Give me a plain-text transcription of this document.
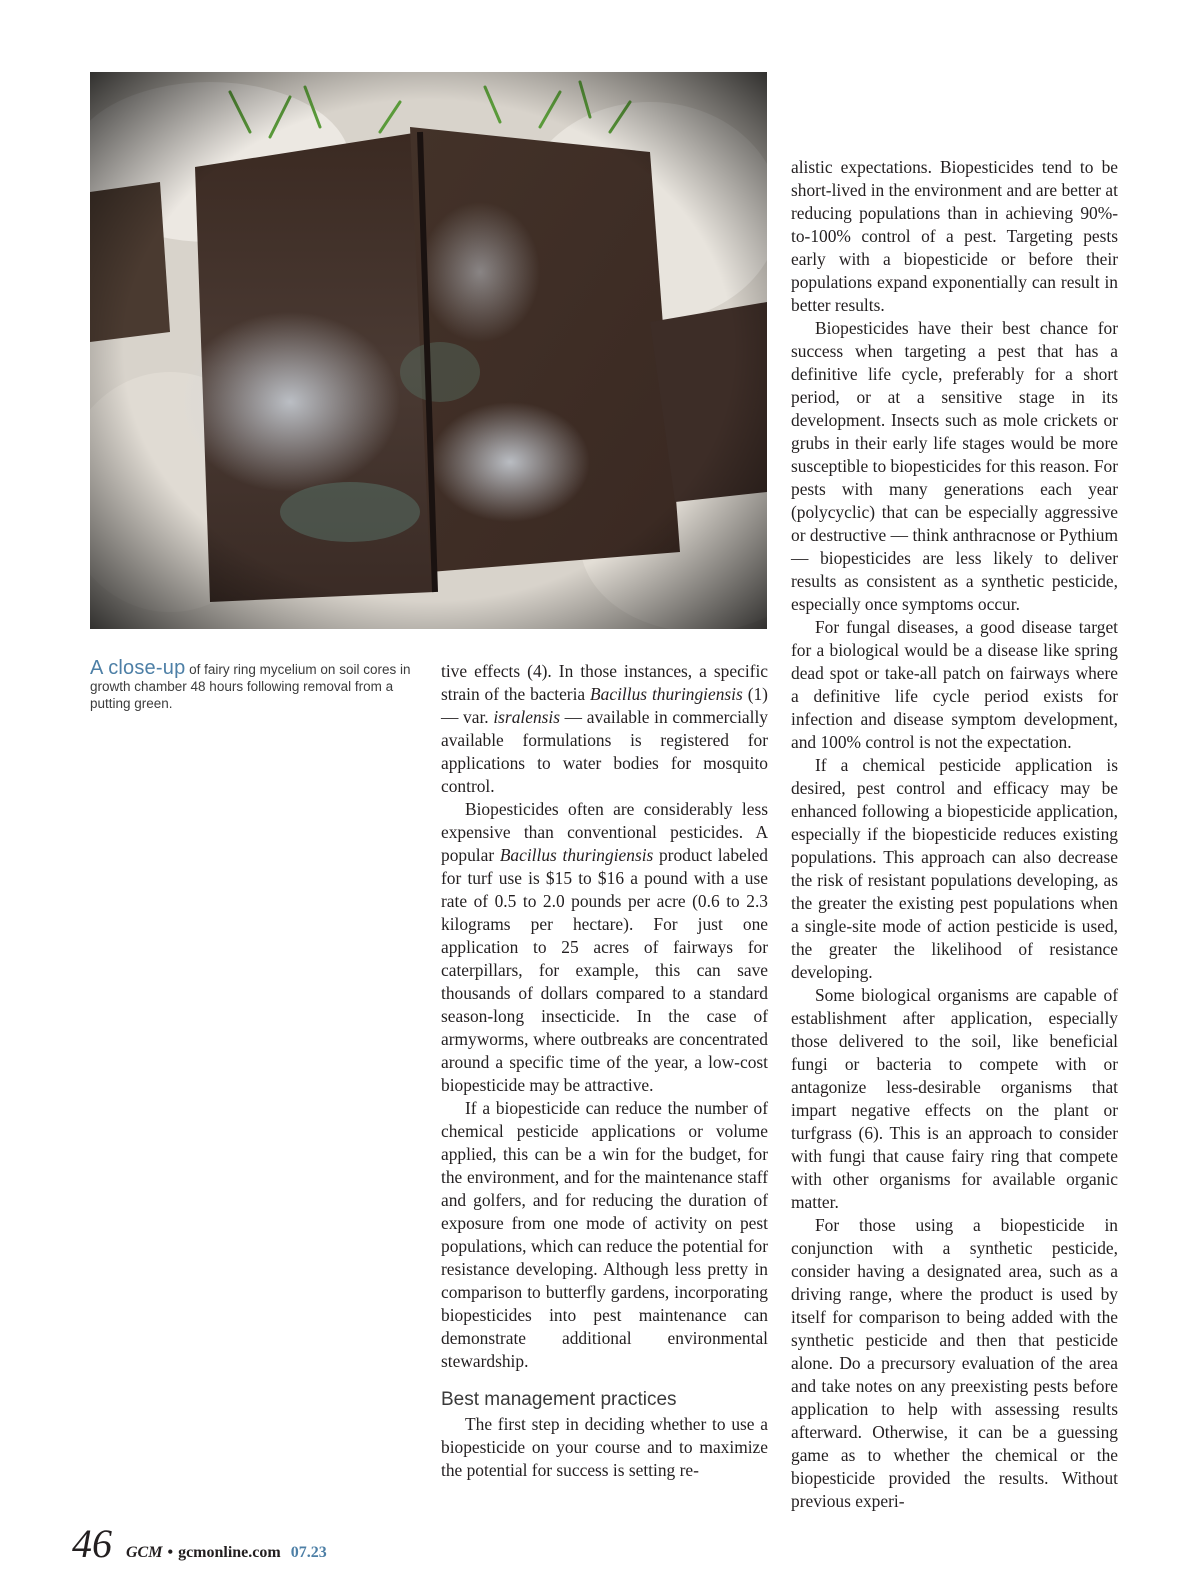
A close-up of fairy ring mycelium on soil cores in growth chamber 48 hours following removal from a putting green.

tive effects (4). In those instances, a specific strain of the bacteria Bacillus thuringiensis (1) — var. isralensis — available in commercially available formulations is registered for applications to water bodies for mosquito control.

Biopesticides often are considerably less expensive than conventional pesticides. A popular Bacillus thuringiensis product labeled for turf use is $15 to $16 a pound with a use rate of 0.5 to 2.0 pounds per acre (0.6 to 2.3 kilograms per hectare). For just one application to 25 acres of fairways for caterpillars, for example, this can save thousands of dollars compared to a standard season-long insecticide. In the case of armyworms, where outbreaks are concentrated around a specific time of the year, a low-cost biopesticide may be attractive.

If a biopesticide can reduce the number of chemical pesticide applications or volume applied, this can be a win for the budget, for the environment, and for the maintenance staff and golfers, and for reducing the duration of exposure from one mode of activity on pest populations, which can reduce the potential for resistance developing. Although less pretty in comparison to butterfly gardens, incorporating biopesticides into pest maintenance can demonstrate additional environmental stewardship.

Best management practices

The first step in deciding whether to use a biopesticide on your course and to maximize the potential for success is setting re-

alistic expectations. Biopesticides tend to be short-lived in the environment and are better at reducing populations than in achieving 90%-to-100% control of a pest. Targeting pests early with a biopesticide or before their populations expand exponentially can result in better results.

Biopesticides have their best chance for success when targeting a pest that has a definitive life cycle, preferably for a short period, or at a sensitive stage in its development. Insects such as mole crickets or grubs in their early life stages would be more susceptible to biopesticides for this reason. For pests with many generations each year (polycyclic) that can be especially aggressive or destructive — think anthracnose or Pythium — biopesticides are less likely to deliver results as consistent as a synthetic pesticide, especially once symptoms occur.

For fungal diseases, a good disease target for a biological would be a disease like spring dead spot or take-all patch on fairways where a definitive life cycle period exists for infection and disease symptom development, and 100% control is not the expectation.

If a chemical pesticide application is desired, pest control and efficacy may be enhanced following a biopesticide application, especially if the biopesticide reduces existing populations. This approach can also decrease the risk of resistant populations developing, as the greater the existing pest populations when a single-site mode of action pesticide is used, the greater the likelihood of resistance developing.

Some biological organisms are capable of establishment after application, especially those delivered to the soil, like beneficial fungi or bacteria to compete with or antagonize less-desirable organisms that impart negative effects on the plant or turfgrass (6). This is an approach to consider with fungi that cause fairy ring that compete with other organisms for available organic matter.

For those using a biopesticide in conjunction with a synthetic pesticide, consider having a designated area, such as a driving range, where the product is used by itself for comparison to being added with the synthetic pesticide and then that pesticide alone. Do a precursory evaluation of the area and take notes on any preexisting pests before application to help with assessing results afterward. Otherwise, it can be a guessing game as to whether the chemical or the biopesticide provided the results. Without previous experi-

46 GCM • gcmonline.com 07.23
